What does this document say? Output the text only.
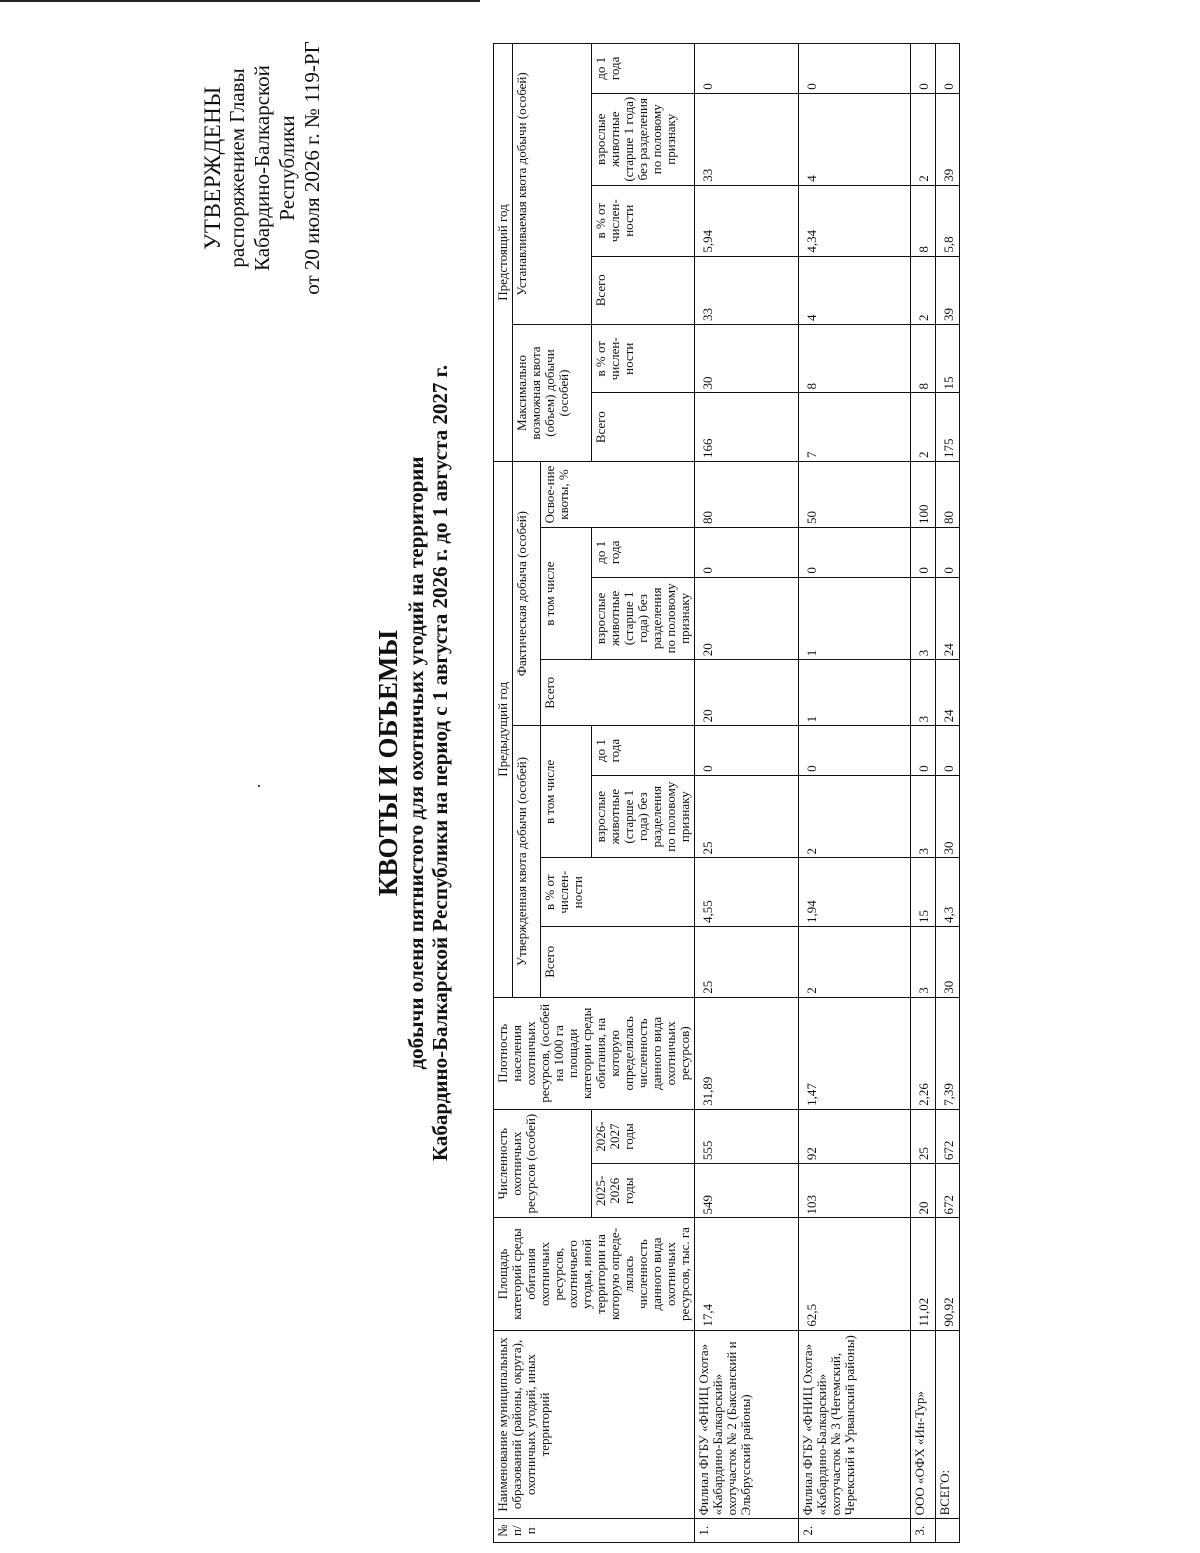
УТВЕРЖДЕНЫ распоряжением Главы Кабардино-Балкарской Республики от 20 июля 2026 г. № 119-РГ
КВОТЫ И ОБЪЕМЫ добычи оленя пятнистого для охотничьих угодий на территории Кабардино-Балкарской Республики на период с 1 августа 2026 г. до 1 августа 2027 г.
№ п/п	Наименование муниципальных образований (районы, округа), охотничьих угодий, иных территорий	Площадь категорий среды обитания охотничьих ресурсов, охотничьего угодья, иной территории на которую опреде-лялась численность данного вида охотничьих ресурсов, тыс. га	Численность охотничьих ресурсов (особей)		Плотность населения охотничьих ресурсов, (особей на 1000 га площади категории среды обитания, на которую определялась численность данного вида охотничьих ресурсов)	Предыдущий год								Предстоящий год					
						Утвержденная квота добычи (особей)				Фактическая добыча (особей)				Максимально возможная квота (объем) добычи (особей)		Устанавливаемая квота добычи (особей)			
						Всего	в % от числен-ности	в том числе		Всего	в том числе		Освое-ние квоты, %						
			2025-2026 годы	2026-2027 годы				взрослые животные (старше 1 года) без разделения по половому признаку	до 1 года		взрослые животные (старше 1 года) без разделения по половому признаку	до 1 года		Всего	в % от числен-ности	Всего	в % от числен-ности	взрослые животные (старше 1 года) без разделения по половому признаку	до 1 года
1.	Филиал ФГБУ «ФНИЦ Охота» «Кабардино-Балкарский» охотучасток № 2 (Баксанский и Эльбрусский районы)	17,4	549	555	31,89	25	4,55	25	0	20	20	0	80	166	30	33	5,94	33	0
2.	Филиал ФГБУ «ФНИЦ Охота» «Кабардино-Балкарский» охотучасток № 3 (Чегемский, Черекский и Урванский районы)	62,5	103	92	1,47	2	1,94	2	0	1	1	0	50	7	8	4	4,34	4	0
3.	ООО «ОФХ «Ин-Тур»	11,02	20	25	2,26	3	15	3	0	3	3	0	100	2	8	2	8	2	0
	ВСЕГО:	90,92	672	672	7,39	30	4,3	30	0	24	24	0	80	175	15	39	5,8	39	0
